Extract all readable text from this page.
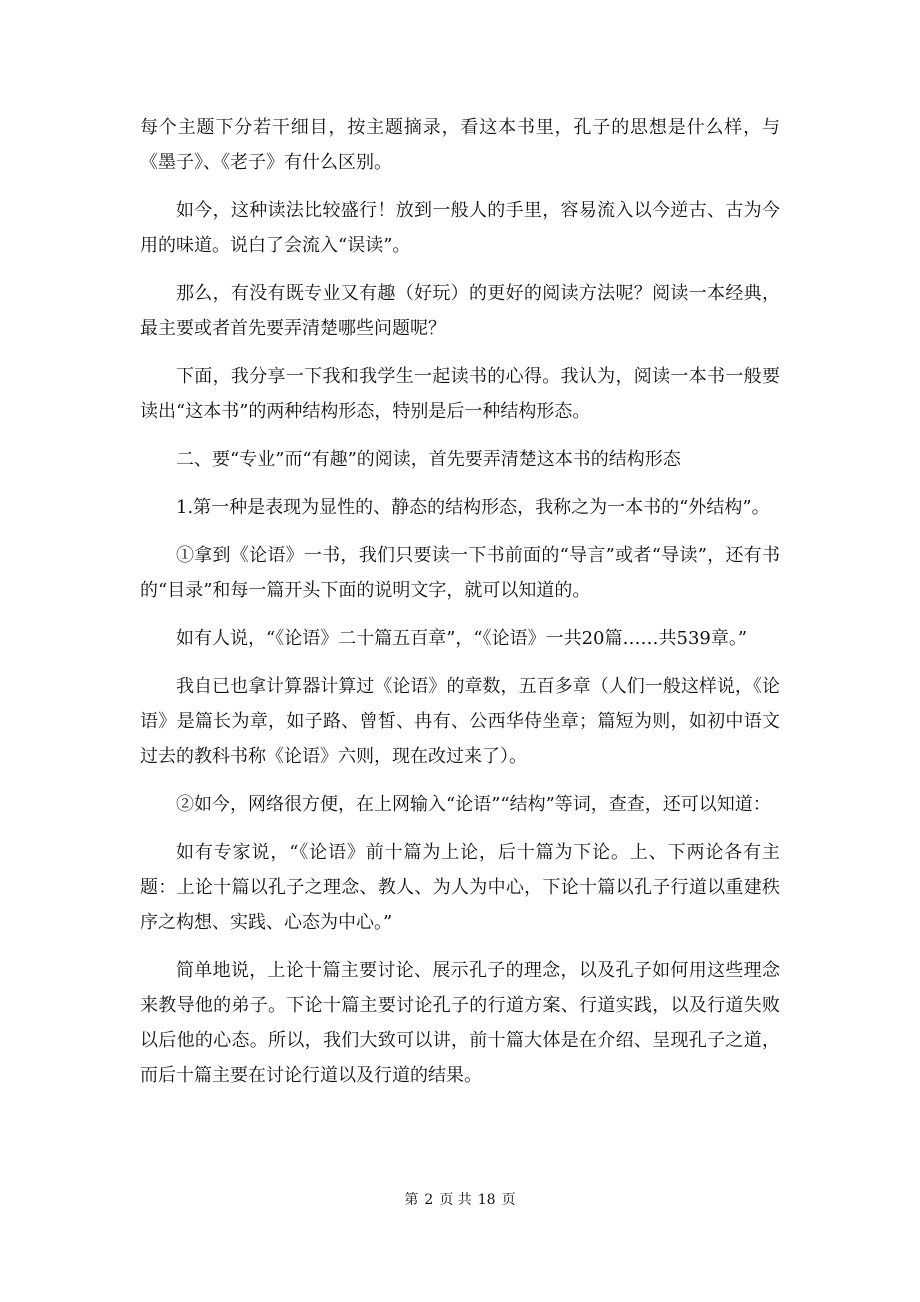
每个主题下分若干细目，按主题摘录，看这本书里，孔子的思想是什么样，与《墨子》、《老子》有什么区别。

如今，这种读法比较盛行！放到一般人的手里，容易流入以今逆古、古为今用的味道。说白了会流入“误读”。

那么，有没有既专业又有趣（好玩）的更好的阅读方法呢？阅读一本经典，最主要或者首先要弄清楚哪些问题呢？

下面，我分享一下我和我学生一起读书的心得。我认为，阅读一本书一般要读出“这本书”的两种结构形态，特别是后一种结构形态。

二、要“专业”而“有趣”的阅读，首先要弄清楚这本书的结构形态

1.第一种是表现为显性的、静态的结构形态，我称之为一本书的“外结构”。

①拿到《论语》一书，我们只要读一下书前面的“导言”或者“导读”，还有书的“目录”和每一篇开头下面的说明文字，就可以知道的。

如有人说，“《论语》二十篇五百章”，“《论语》一共20篇……共539章。”

我自已也拿计算器计算过《论语》的章数，五百多章（人们一般这样说，《论语》是篇长为章，如子路、曾皙、冉有、公西华侍坐章；篇短为则，如初中语文过去的教科书称《论语》六则，现在改过来了）。

②如今，网络很方便，在上网输入“论语”“结构”等词，查查，还可以知道：

如有专家说，“《论语》前十篇为上论，后十篇为下论。上、下两论各有主题：上论十篇以孔子之理念、教人、为人为中心，下论十篇以孔子行道以重建秩序之构想、实践、心态为中心。”

简单地说，上论十篇主要讨论、展示孔子的理念，以及孔子如何用这些理念来教导他的弟子。下论十篇主要讨论孔子的行道方案、行道实践，以及行道失败以后他的心态。所以，我们大致可以讲，前十篇大体是在介绍、呈现孔子之道，而后十篇主要在讨论行道以及行道的结果。

第 2 页 共 18 页
